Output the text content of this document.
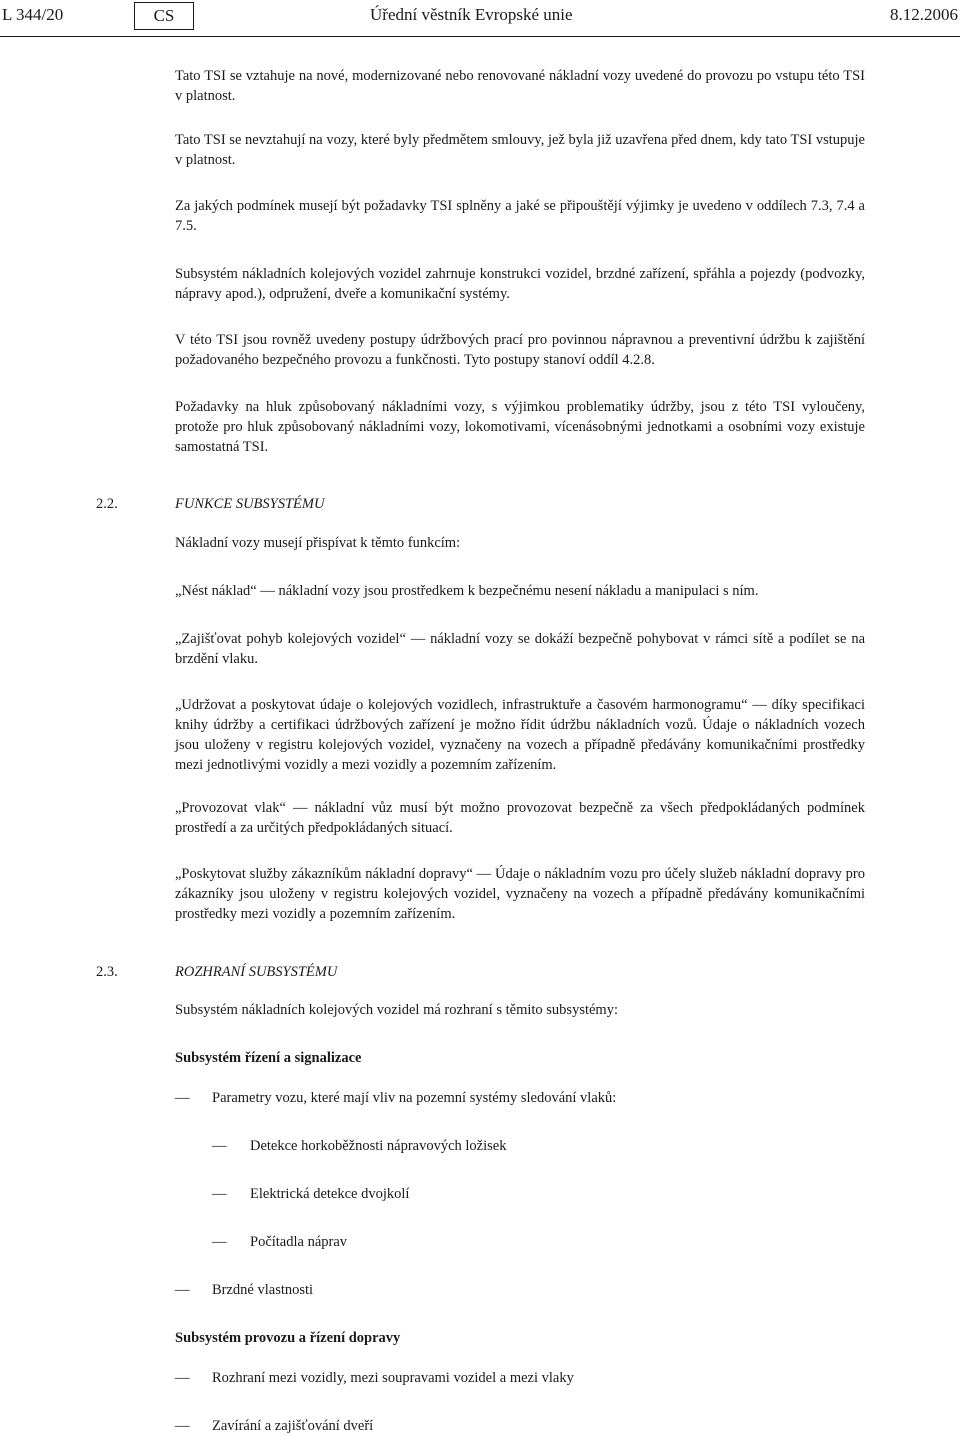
L 344/20	CS	Úřední věstník Evropské unie	8.12.2006

Tato TSI se vztahuje na nové, modernizované nebo renovované nákladní vozy uvedené do provozu po vstupu této TSI v platnost.

Tato TSI se nevztahují na vozy, které byly předmětem smlouvy, jež byla již uzavřena před dnem, kdy tato TSI vstupuje v platnost.

Za jakých podmínek musejí být požadavky TSI splněny a jaké se připouštějí výjimky je uvedeno v oddílech 7.3, 7.4 a 7.5.

Subsystém nákladních kolejových vozidel zahrnuje konstrukci vozidel, brzdné zařízení, spřáhla a pojezdy (podvozky, nápravy apod.), odpružení, dveře a komunikační systémy.

V této TSI jsou rovněž uvedeny postupy údržbových prací pro povinnou nápravnou a preventivní údržbu k zajištění požadovaného bezpečného provozu a funkčnosti. Tyto postupy stanoví oddíl 4.2.8.

Požadavky na hluk způsobovaný nákladními vozy, s výjimkou problematiky údržby, jsou z této TSI vyloučeny, protože pro hluk způsobovaný nákladními vozy, lokomotivami, vícenásobnými jednotkami a osobními vozy existuje samostatná TSI.

2.2.	FUNKCE SUBSYSTÉMU

Nákladní vozy musejí přispívat k těmto funkcím:

„Nést náklad“ — nákladní vozy jsou prostředkem k bezpečnému nesení nákladu a manipulaci s ním.

„Zajišťovat pohyb kolejových vozidel“ — nákladní vozy se dokáží bezpečně pohybovat v rámci sítě a podílet se na brzdění vlaku.

„Udržovat a poskytovat údaje o kolejových vozidlech, infrastruktuře a časovém harmonogramu“ — díky specifikaci knihy údržby a certifikaci údržbových zařízení je možno řídit údržbu nákladních vozů. Údaje o nákladních vozech jsou uloženy v registru kolejových vozidel, vyznačeny na vozech a případně předávány komunikačními prostředky mezi jednotlivými vozidly a mezi vozidly a pozemním zařízením.

„Provozovat vlak“ — nákladní vůz musí být možno provozovat bezpečně za všech předpokládaných podmínek prostředí a za určitých předpokládaných situací.

„Poskytovat služby zákazníkům nákladní dopravy“ — Údaje o nákladním vozu pro účely služeb nákladní dopravy pro zákazníky jsou uloženy v registru kolejových vozidel, vyznačeny na vozech a případně předávány komunikačními prostředky mezi vozidly a pozemním zařízením.

2.3.	ROZHRANÍ SUBSYSTÉMU

Subsystém nákladních kolejových vozidel má rozhraní s těmito subsystémy:

Subsystém řízení a signalizace
— Parametry vozu, které mají vliv na pozemní systémy sledování vlaků:
— Detekce horkoběžnosti nápravových ložisek
— Elektrická detekce dvojkolí
— Počítadla náprav
— Brzdné vlastnosti
Subsystém provozu a řízení dopravy
— Rozhraní mezi vozidly, mezi soupravami vozidel a mezi vlaky
— Zavírání a zajišťování dveří
